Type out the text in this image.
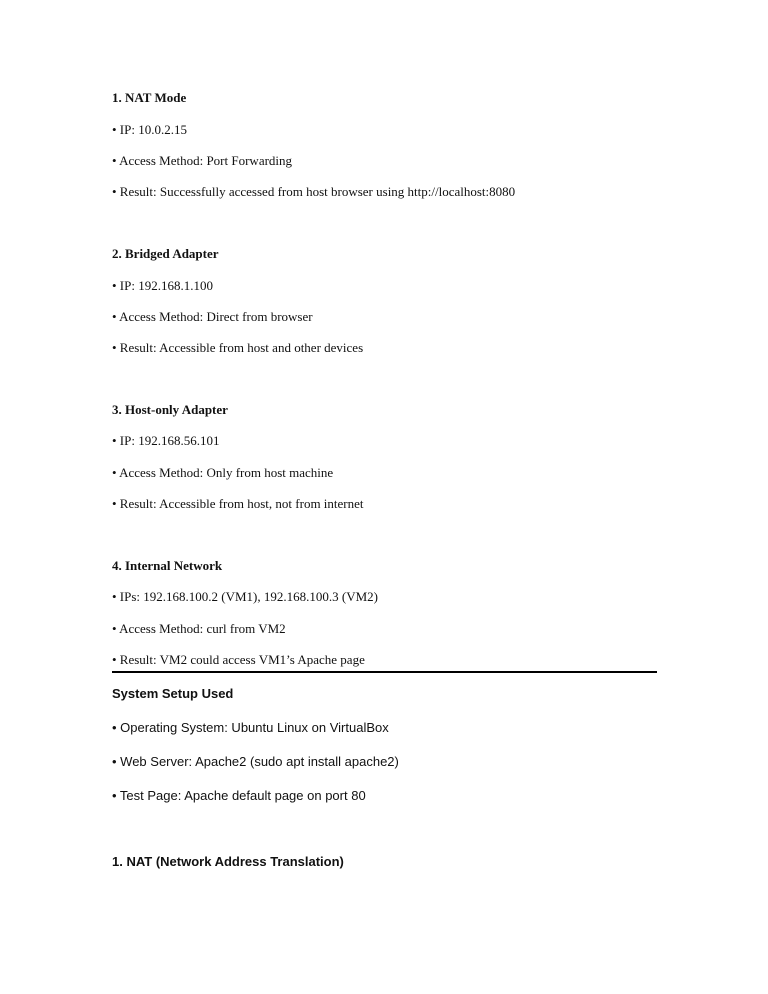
1. NAT Mode
• IP: 10.0.2.15
• Access Method: Port Forwarding
• Result: Successfully accessed from host browser using http://localhost:8080
2. Bridged Adapter
• IP: 192.168.1.100
• Access Method: Direct from browser
• Result: Accessible from host and other devices
3. Host-only Adapter
• IP: 192.168.56.101
• Access Method: Only from host machine
• Result: Accessible from host, not from internet
4. Internal Network
• IPs: 192.168.100.2 (VM1), 192.168.100.3 (VM2)
• Access Method: curl from VM2
• Result: VM2 could access VM1’s Apache page
System Setup Used
• Operating System: Ubuntu Linux on VirtualBox
• Web Server: Apache2 (sudo apt install apache2)
• Test Page: Apache default page on port 80
1. NAT (Network Address Translation)
